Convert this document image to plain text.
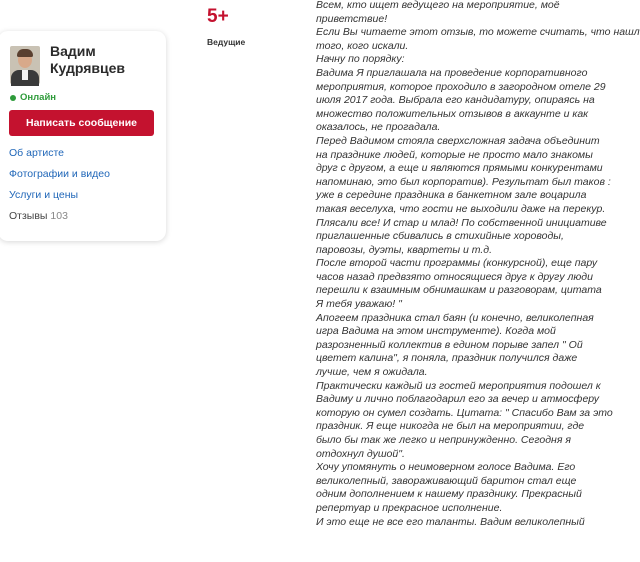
Вадим
Кудрявцев
Онлайн
Написать сообщение
Об артисте
Фотографии и видео
Услуги и цены
Отзывы 103
5+
Ведущие
Всем, кто ищет ведущего на мероприятие, моё
приветствие!
Если Вы читаете этот отзыв, то можете считать, что нашл
того, кого искали.
Начну по порядку:
Вадима Я приглашала на проведение корпоративного
мероприятия, которое проходило в загородном отеле 29
июля 2017 года. Выбрала его кандидатуру, опираясь на
множество положительных отзывов в аккаунте и как
оказалось, не прогадала.
Перед Вадимом стояла сверхсложная задача объединит
на празднике людей, которые не просто мало знакомы
друг с другом, а еще и являются прямыми конкурентами
напоминаю, это был корпоратив). Результат был таков :
уже в середине праздника в банкетном зале воцарила
такая веселуха, что гости не выходили даже на перекур.
Плясали все! И стар и млад! По собственной инициативе
приглашенные сбивались в стихийные хороводы,
паровозы, дуэты, квартеты и т.д.
После второй части программы (конкурсной), еще пару
часов назад предвзято относящиеся друг к другу люди
перешли к взаимным обнимашкам и разговорам, цитата
Я тебя уважаю! "
Апогеем праздника стал баян (и конечно, великолепная
игра Вадима на этом инструменте). Когда мой
разрозненный коллектив в едином порыве запел " Ой
цветет калина", я поняла, праздник получился даже
лучше, чем я ожидала.
Практически каждый из гостей мероприятия подошел к
Вадиму и лично поблагодарил его за вечер и атмосферу
которую он сумел создать. Цитата: " Спасибо Вам за это
праздник. Я еще никогда не был на мероприятии, где
было бы так же легко и непринужденно. Сегодня я
отдохнул душой".
Хочу упомянуть о неимоверном голосе Вадима. Его
великолепный, завораживающий баритон стал еще
одним дополнением к нашему празднику. Прекрасный
репертуар и прекрасное исполнение.
И это еще не все его таланты. Вадим великолепный
